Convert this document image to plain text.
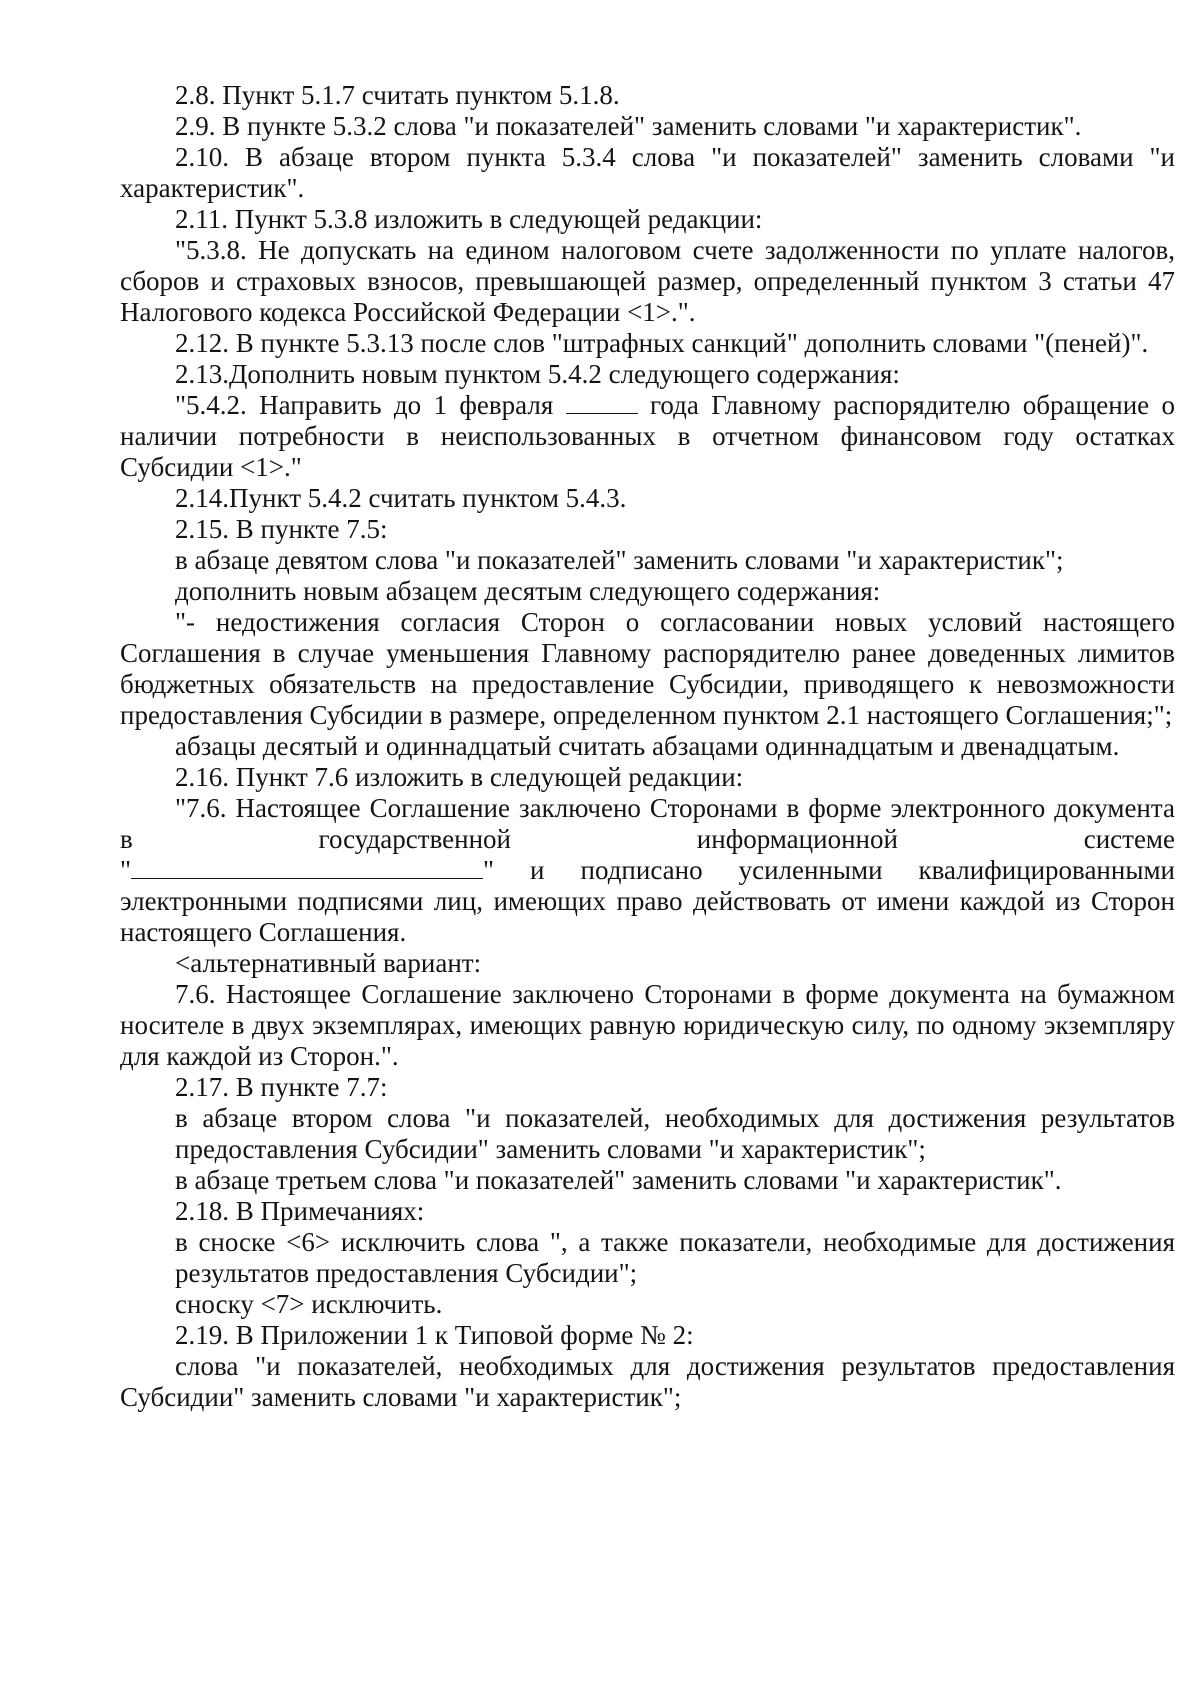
2.8. Пункт 5.1.7 считать пунктом 5.1.8.

2.9. В пункте 5.3.2 слова "и показателей" заменить словами "и характеристик".

2.10. В абзаце втором пункта 5.3.4 слова "и показателей" заменить словами "и характеристик".

2.11. Пункт 5.3.8 изложить в следующей редакции:

"5.3.8. Не допускать на едином налоговом счете задолженности по уплате налогов, сборов и страховых взносов, превышающей размер, определенный пунктом 3 статьи 47 Налогового кодекса Российской Федерации <1>.".

2.12. В пункте 5.3.13 после слов "штрафных санкций" дополнить словами "(пеней)".

2.13.Дополнить новым пунктом 5.4.2 следующего содержания:

"5.4.2. Направить до 1 февраля	года Главному распорядителю обращение о наличии потребности в неиспользованных в отчетном финансовом году остатках Субсидии <1>."

2.14.Пункт 5.4.2 считать пунктом 5.4.3.

2.15. В пункте 7.5:

в абзаце девятом слова "и показателей" заменить словами "и характеристик";

дополнить новым абзацем десятым следующего содержания:

"- недостижения согласия Сторон о согласовании новых условий настоящего Соглашения в случае уменьшения Главному распорядителю ранее доведенных лимитов бюджетных обязательств на предоставление Субсидии, приводящего к невозможности предоставления Субсидии в размере, определенном пунктом 2.1 настоящего Соглашения;";

абзацы десятый и одиннадцатый считать абзацами одиннадцатым и двенадцатым.

2.16. Пункт 7.6 изложить в следующей редакции:

"7.6. Настоящее Соглашение заключено Сторонами в форме электронного документа в государственной информационной системе

"	" и подписано усиленными квалифицированными электронными подписями лиц, имеющих право действовать от имени каждой из Сторон настоящего Соглашения.

<альтернативный вариант:

7.6. Настоящее Соглашение заключено Сторонами в форме документа на бумажном носителе в двух экземплярах, имеющих равную юридическую силу, по одному экземпляру для каждой из Сторон.".

2.17. В пункте 7.7:

в абзаце втором слова "и показателей, необходимых для достижения результатов предоставления Субсидии" заменить словами "и характеристик";

в абзаце третьем слова "и показателей" заменить словами "и характеристик".

2.18. В Примечаниях:

в сноске <6> исключить слова ", а также показатели, необходимые для достижения результатов предоставления Субсидии";

сноску <7> исключить.

2.19. В Приложении 1 к Типовой форме № 2:

слова "и показателей, необходимых для достижения результатов предоставления Субсидии" заменить словами "и характеристик";
